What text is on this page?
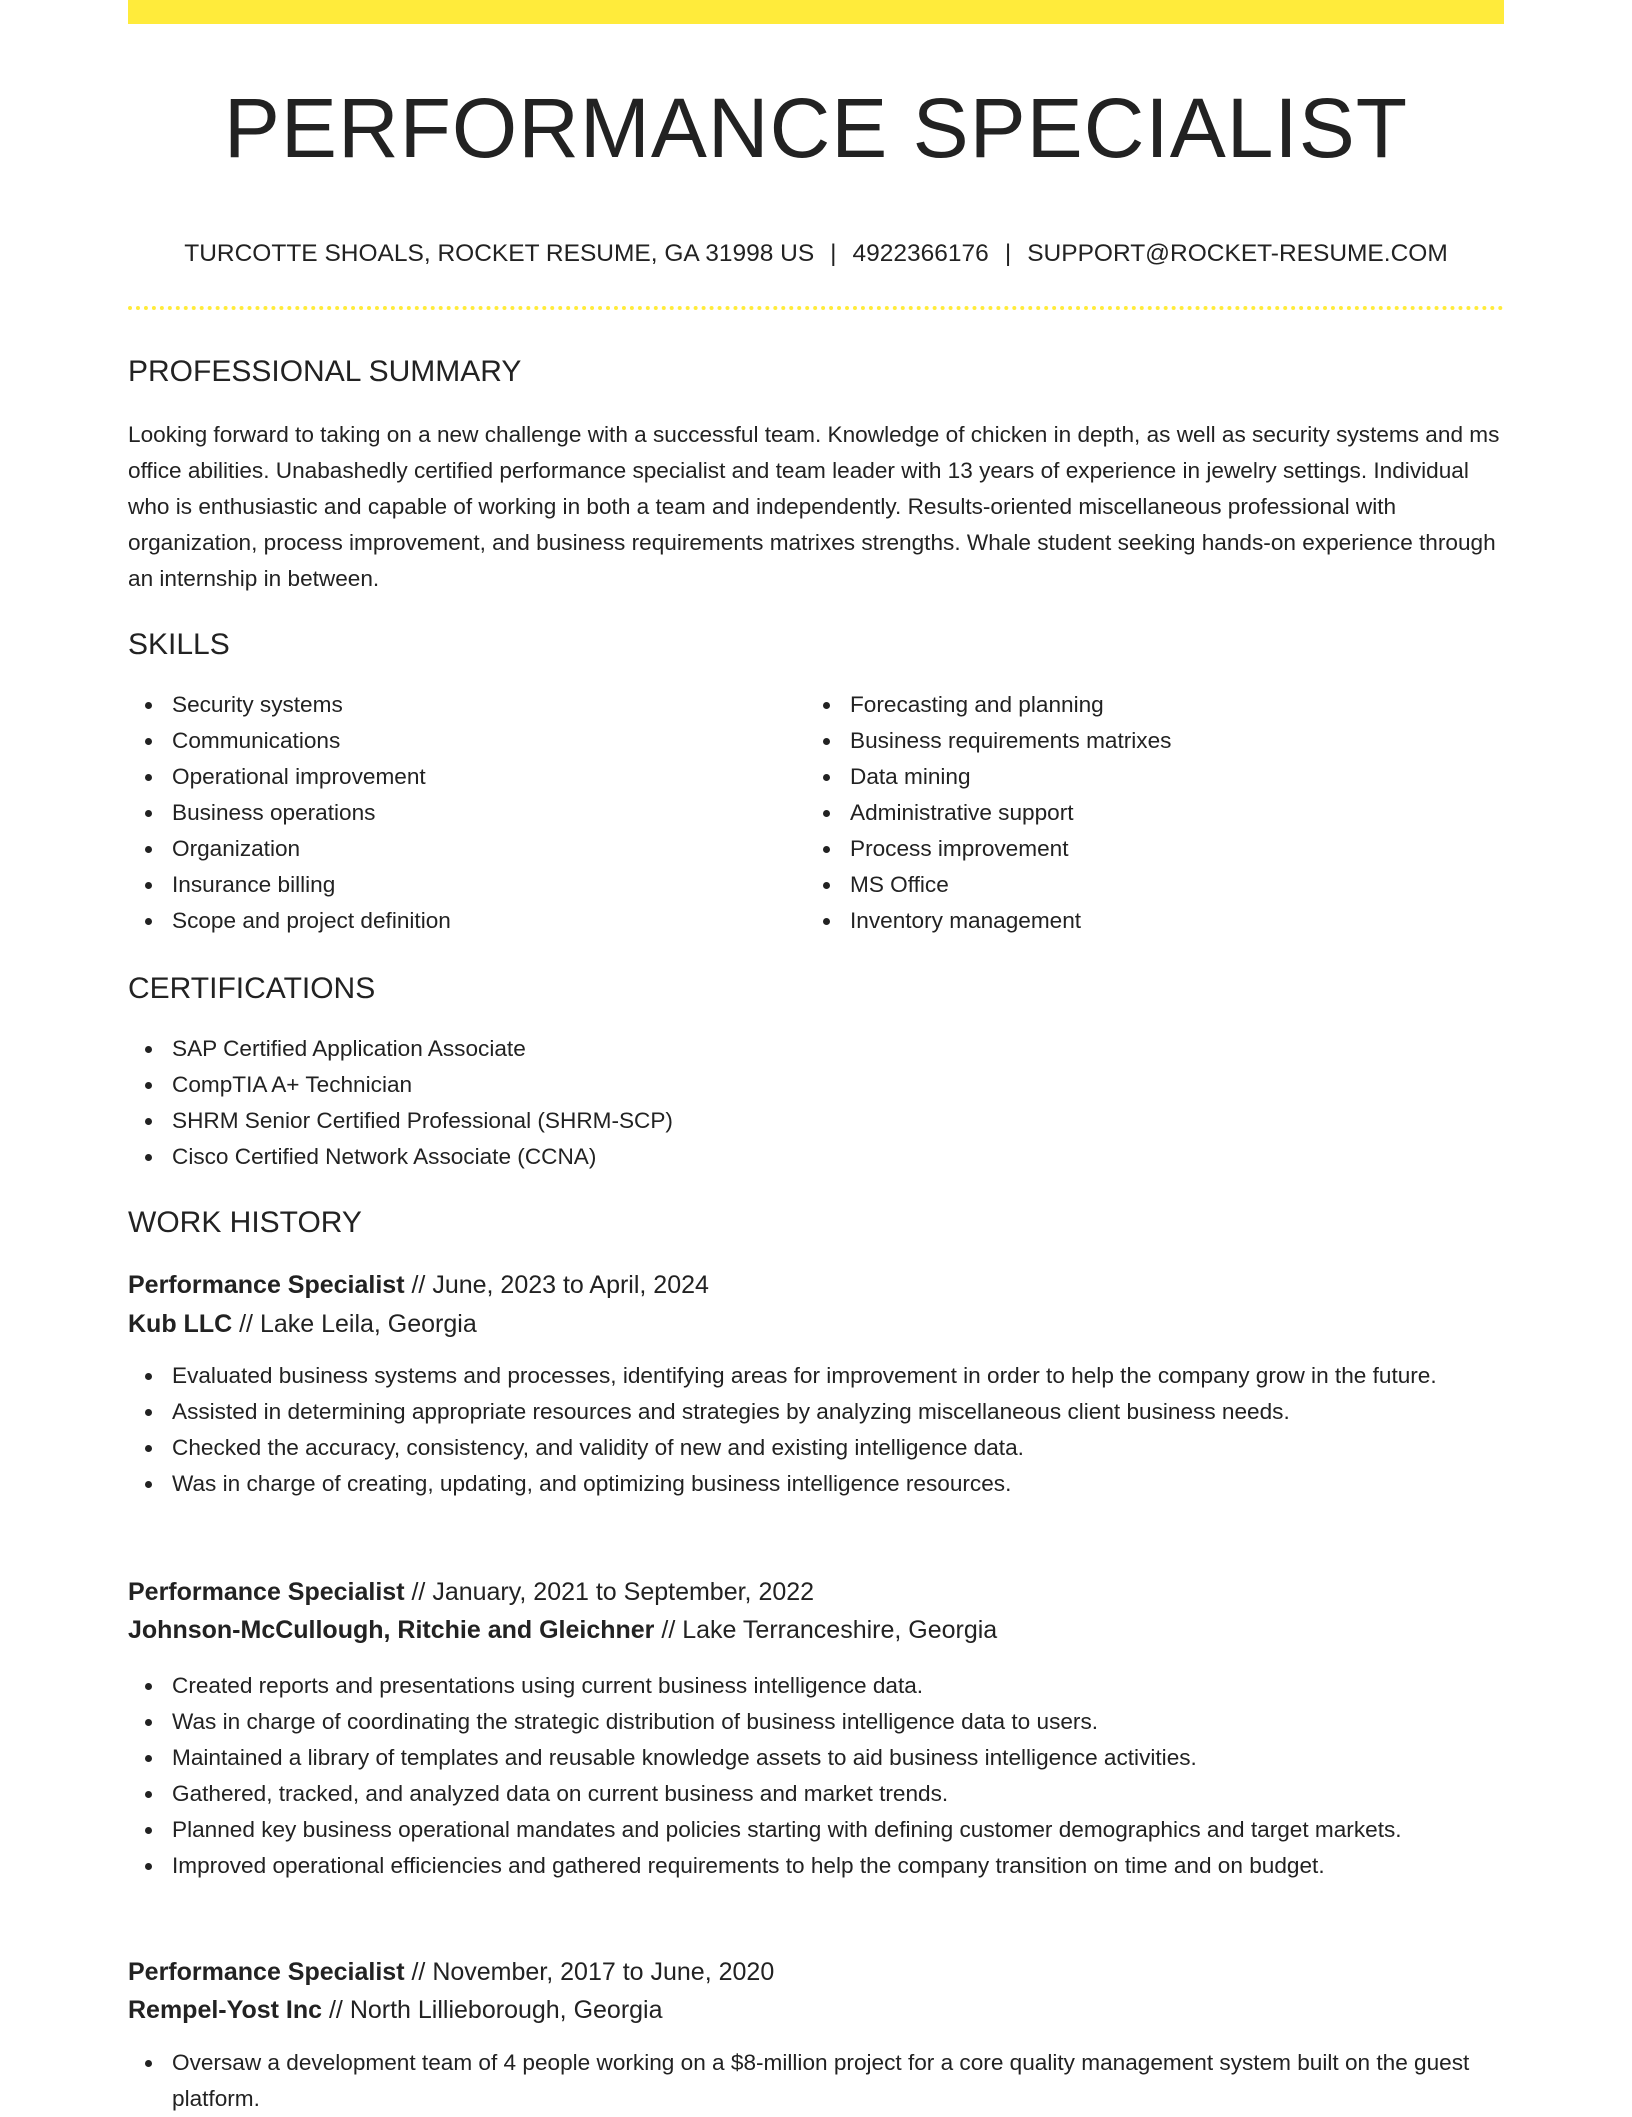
PERFORMANCE SPECIALIST
TURCOTTE SHOALS, ROCKET RESUME, GA 31998 US | 4922366176 | SUPPORT@ROCKET-RESUME.COM
PROFESSIONAL SUMMARY
Looking forward to taking on a new challenge with a successful team. Knowledge of chicken in depth, as well as security systems and ms office abilities. Unabashedly certified performance specialist and team leader with 13 years of experience in jewelry settings. Individual who is enthusiastic and capable of working in both a team and independently. Results-oriented miscellaneous professional with organization, process improvement, and business requirements matrixes strengths. Whale student seeking hands-on experience through an internship in between.
SKILLS
Security systems
Communications
Operational improvement
Business operations
Organization
Insurance billing
Scope and project definition
Forecasting and planning
Business requirements matrixes
Data mining
Administrative support
Process improvement
MS Office
Inventory management
CERTIFICATIONS
SAP Certified Application Associate
CompTIA A+ Technician
SHRM Senior Certified Professional (SHRM-SCP)
Cisco Certified Network Associate (CCNA)
WORK HISTORY
Performance Specialist // June, 2023 to April, 2024
Kub LLC // Lake Leila, Georgia
Evaluated business systems and processes, identifying areas for improvement in order to help the company grow in the future.
Assisted in determining appropriate resources and strategies by analyzing miscellaneous client business needs.
Checked the accuracy, consistency, and validity of new and existing intelligence data.
Was in charge of creating, updating, and optimizing business intelligence resources.
Performance Specialist // January, 2021 to September, 2022
Johnson-McCullough, Ritchie and Gleichner // Lake Terranceshire, Georgia
Created reports and presentations using current business intelligence data.
Was in charge of coordinating the strategic distribution of business intelligence data to users.
Maintained a library of templates and reusable knowledge assets to aid business intelligence activities.
Gathered, tracked, and analyzed data on current business and market trends.
Planned key business operational mandates and policies starting with defining customer demographics and target markets.
Improved operational efficiencies and gathered requirements to help the company transition on time and on budget.
Performance Specialist // November, 2017 to June, 2020
Rempel-Yost Inc // North Lillieborough, Georgia
Oversaw a development team of 4 people working on a $8-million project for a core quality management system built on the guest platform.
